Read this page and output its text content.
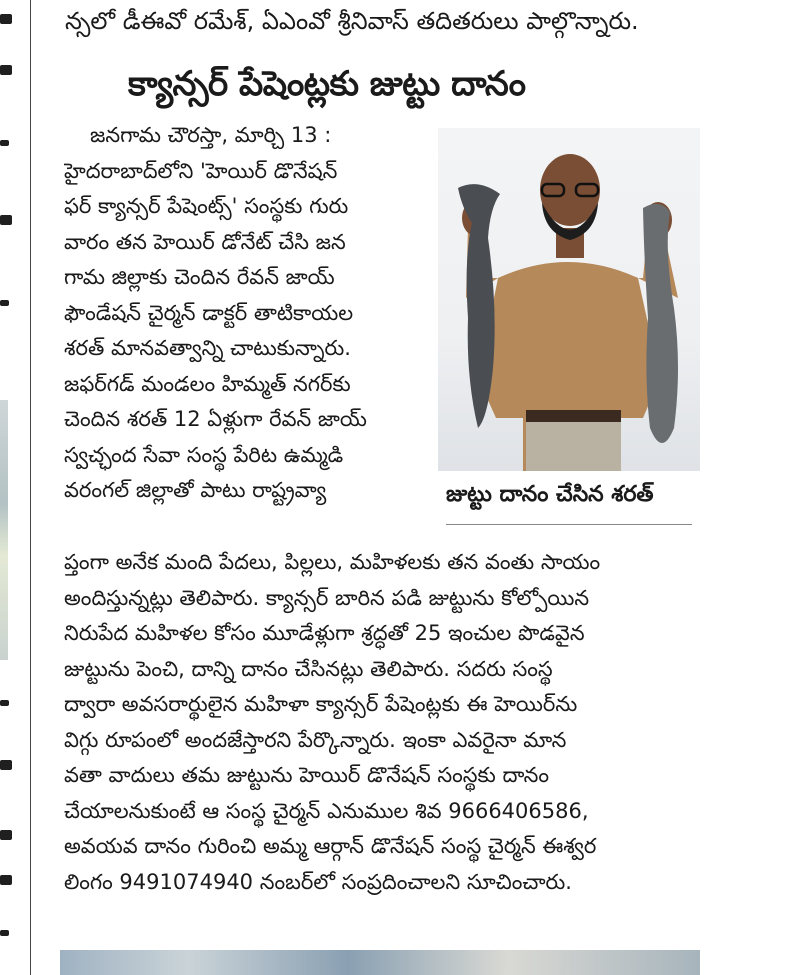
న్సలో డీఈవో రమేశ్, ఏఎంవో శ్రీనివాస్ తదితరులు పాల్గొన్నారు.
క్యాన్సర్ పేషెంట్లకు జుట్టు దానం
జనగామ చౌరస్తా, మార్చి 13 :
హైదరాబాద్‌లోని 'హెయిర్ డొనేషన్
ఫర్ క్యాన్సర్ పేషెంట్స్' సంస్థకు గురు
వారం తన హెయిర్ డోనేట్ చేసి జన
గామ జిల్లాకు చెందిన రేవన్ జాయ్
ఫౌండేషన్ చైర్మన్ డాక్టర్ తాటికాయల
శరత్ మానవత్వాన్ని చాటుకున్నారు.
జఫర్‌గడ్ మండలం హిమ్మత్ నగర్‌కు
చెందిన శరత్ 12 ఏళ్లుగా రేవన్ జాయ్
స్వచ్ఛంద సేవా సంస్థ పేరిట ఉమ్మడి
వరంగల్ జిల్లాతో పాటు రాష్ట్రవ్యా	జుట్టు దానం చేసిన శరత్
ప్తంగా అనేక మంది పేదలు, పిల్లలు, మహిళలకు తన వంతు సాయం
అందిస్తున్నట్లు తెలిపారు. క్యాన్సర్ బారిన పడి జుట్టును కోల్పోయిన
నిరుపేద మహిళల కోసం మూడేళ్లుగా శ్రద్ధతో 25 ఇంచుల పొడవైన
జుట్టును పెంచి, దాన్ని దానం చేసినట్లు తెలిపారు. సదరు సంస్థ
ద్వారా అవసరార్థులైన మహిళా క్యాన్సర్ పేషెంట్లకు ఈ హెయిర్‌ను
విగ్గు రూపంలో అందజేస్తారని పేర్కొన్నారు. ఇంకా ఎవరైనా మాన
వతా వాదులు తమ జుట్టును హెయిర్ డొనేషన్ సంస్థకు దానం
చేయాలనుకుంటే ఆ సంస్థ చైర్మన్ ఎనుముల శివ 9666406586,
అవయవ దానం గురించి అమ్మ ఆర్గాన్ డొనేషన్ సంస్థ చైర్మన్ ఈశ్వర
లింగం 9491074940 నంబర్‌లో సంప్రదించాలని సూచించారు.
